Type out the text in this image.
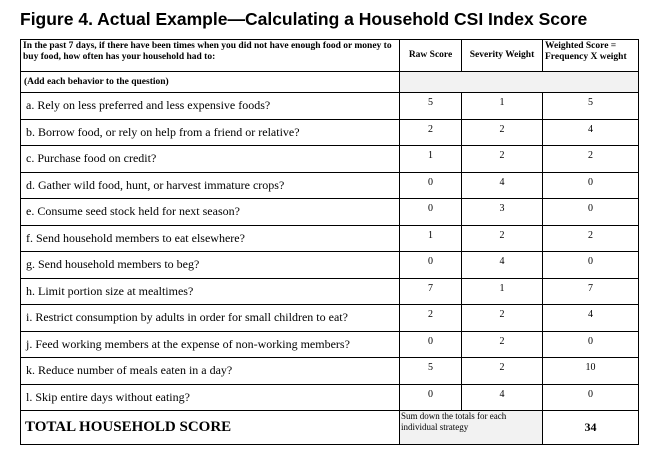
Figure 4. Actual Example—Calculating a Household CSI Index Score
In the past 7 days, if there have been times when you did not have enough food or money to buy food, how often has your household had to:	Raw Score	Severity Weight	Weighted Score = Frequency X weight
(Add each behavior to the question)			
a. Rely on less preferred and less expensive foods?	5	1	5
b. Borrow food, or rely on help from a friend or relative?	2	2	4
c. Purchase food on credit?	1	2	2
d. Gather wild food, hunt, or harvest immature crops?	0	4	0
e. Consume seed stock held for next season?	0	3	0
f. Send household members to eat elsewhere?	1	2	2
g. Send household members to beg?	0	4	0
h. Limit portion size at mealtimes?	7	1	7
i. Restrict consumption by adults in order for small children to eat?	2	2	4
j. Feed working members at the expense of non-working members?	0	2	0
k. Reduce number of meals eaten in a day?	5	2	10
l. Skip entire days without eating?	0	4	0
TOTAL HOUSEHOLD SCORE	Sum down the totals for each individual strategy		34
